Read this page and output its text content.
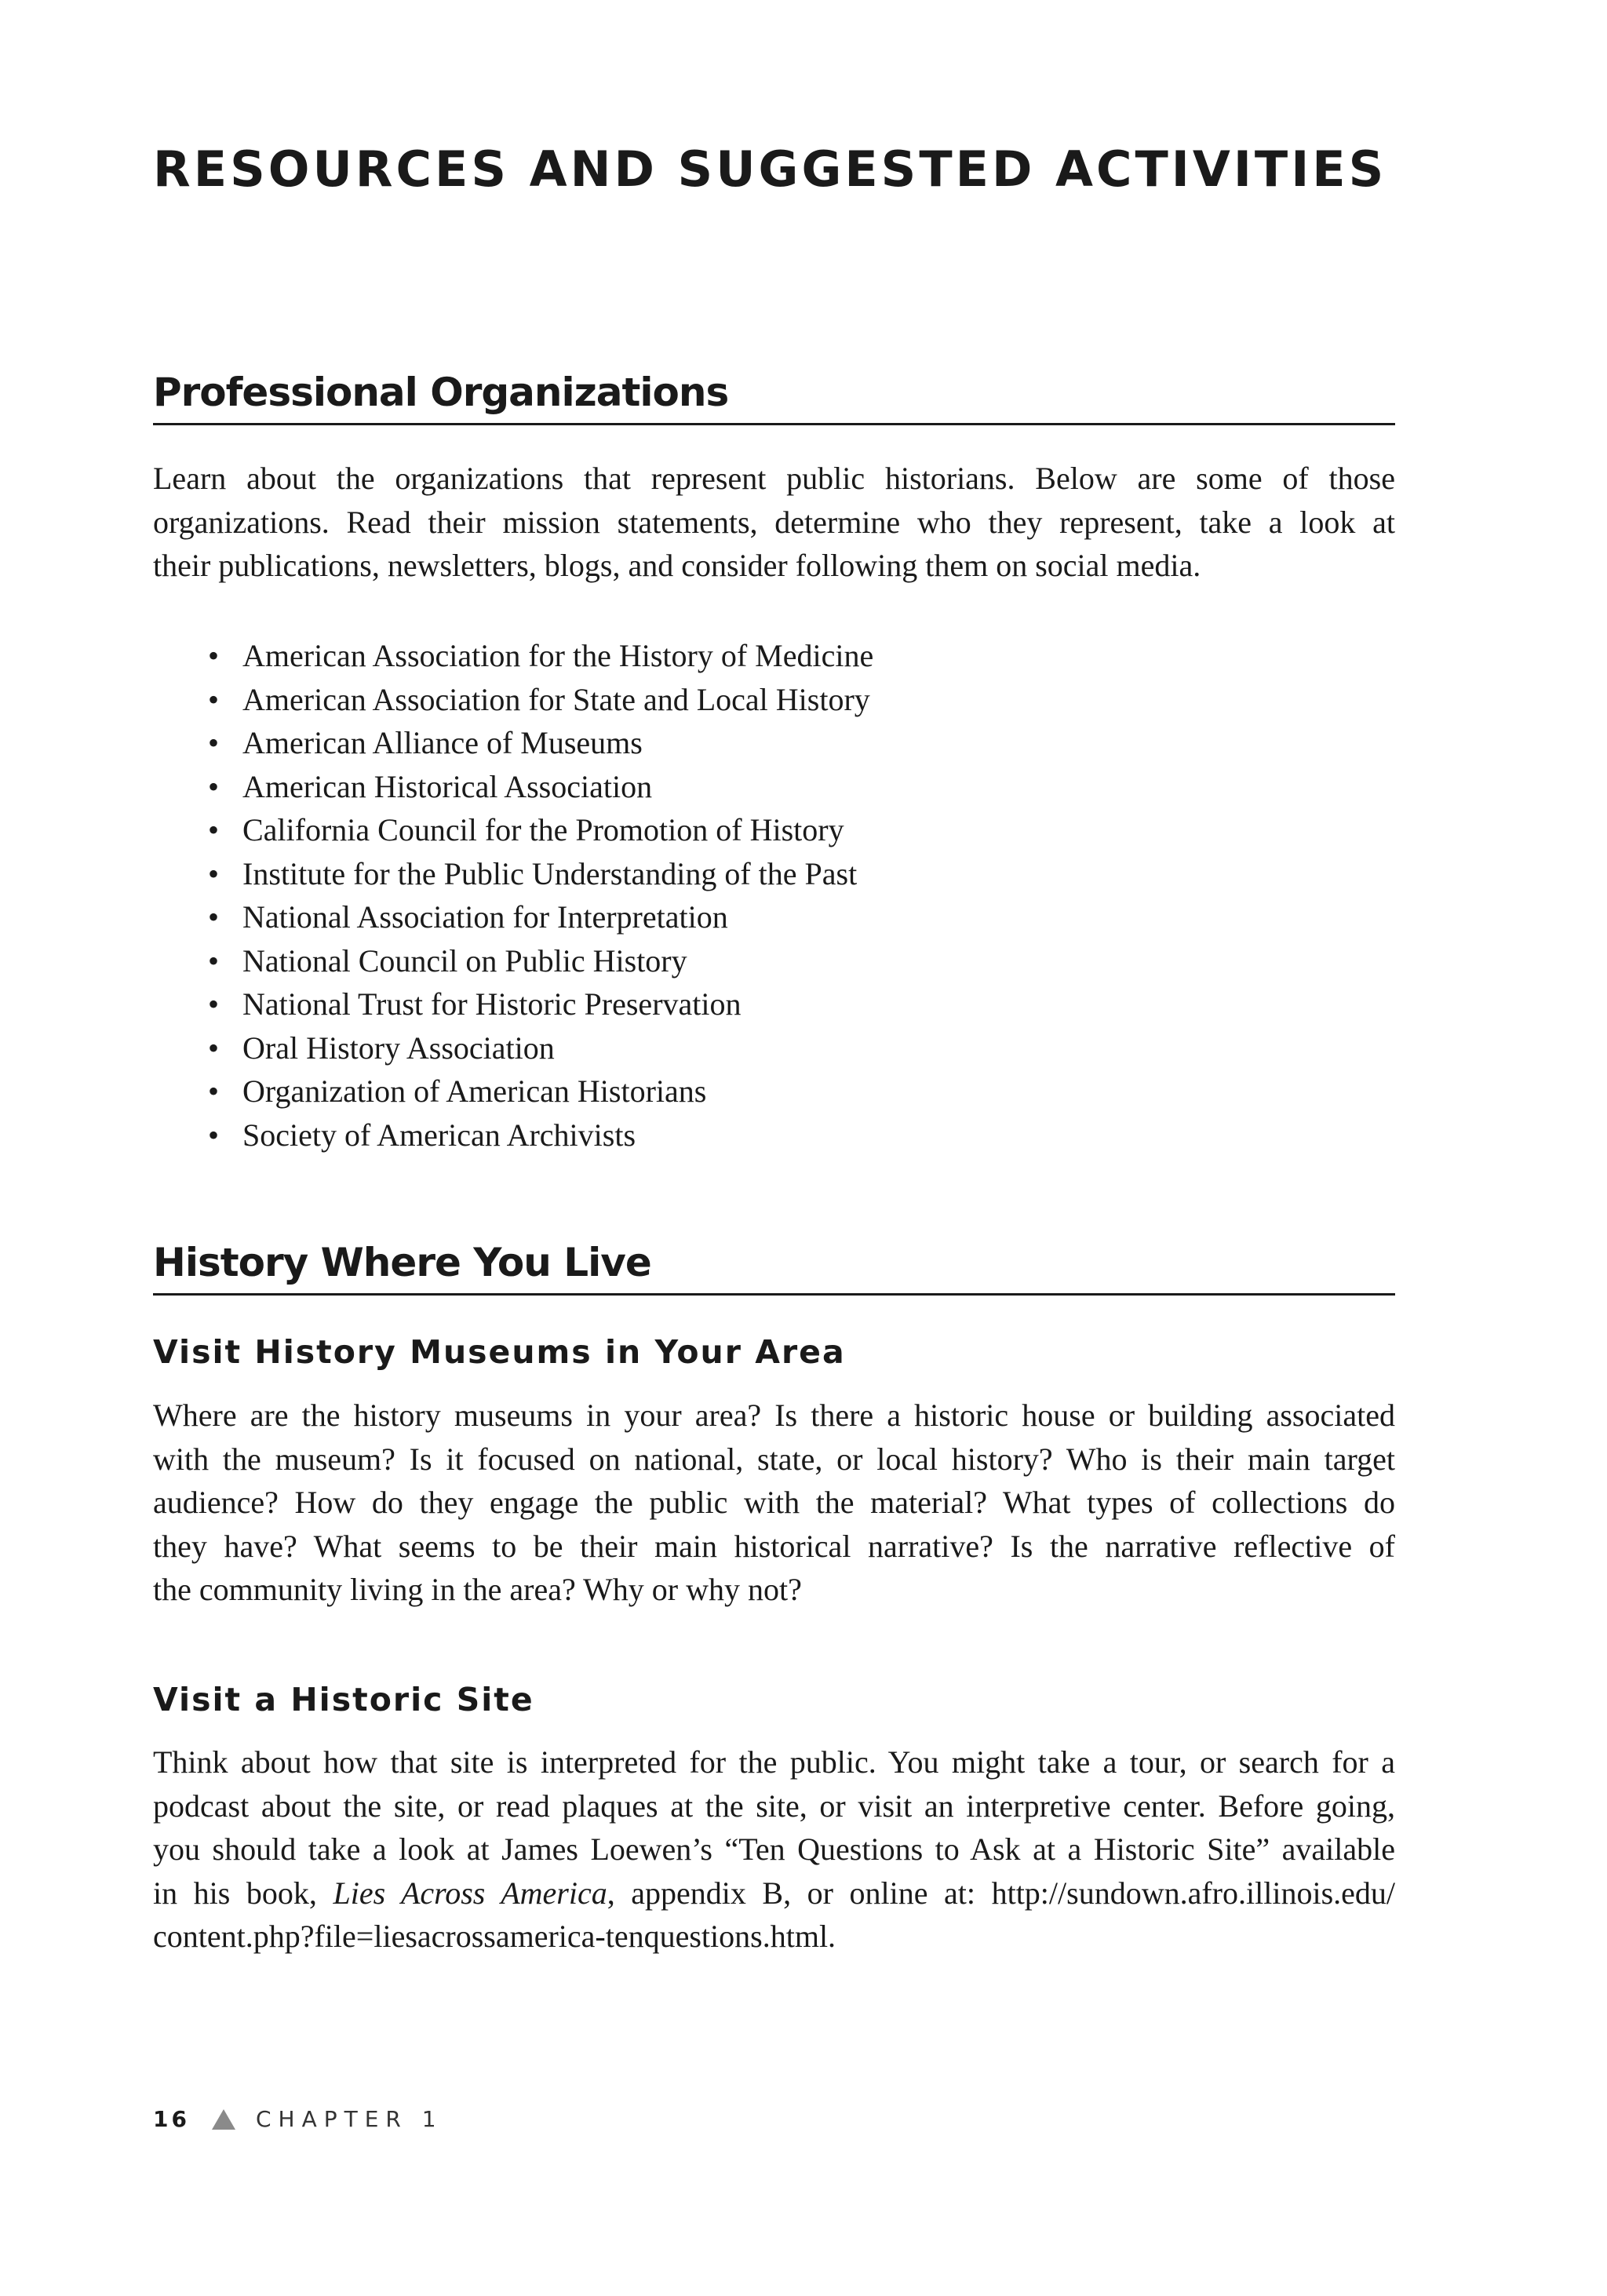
RESOURCES AND SUGGESTED ACTIVITIES
Professional Organizations

Learn about the organizations that represent public historians. Below are some of those
organizations. Read their mission statements, determine who they represent, take a look at
their publications, newsletters, blogs, and consider following them on social media.

• American Association for the History of Medicine
• American Association for State and Local History
• American Alliance of Museums
• American Historical Association
• California Council for the Promotion of History
• Institute for the Public Understanding of the Past
• National Association for Interpretation
• National Council on Public History
• National Trust for Historic Preservation
• Oral History Association
• Organization of American Historians
• Society of American Archivists
History Where You Live
Visit History Museums in Your Area

Where are the history museums in your area? Is there a historic house or building associated
with the museum? Is it focused on national, state, or local history? Who is their main target
audience? How do they engage the public with the material? What types of collections do
they have? What seems to be their main historical narrative? Is the narrative reflective of
the community living in the area? Why or why not?

Visit a Historic Site

Think about how that site is interpreted for the public. You might take a tour, or search for a
podcast about the site, or read plaques at the site, or visit an interpretive center. Before going,
you should take a look at James Loewen’s “Ten Questions to Ask at a Historic Site” available
in his book, Lies Across America, appendix B, or online at: http://sundown.afro.illinois.edu/
content.php?file=liesacrossamerica-tenquestions.html.

16	CHAPTER 1
